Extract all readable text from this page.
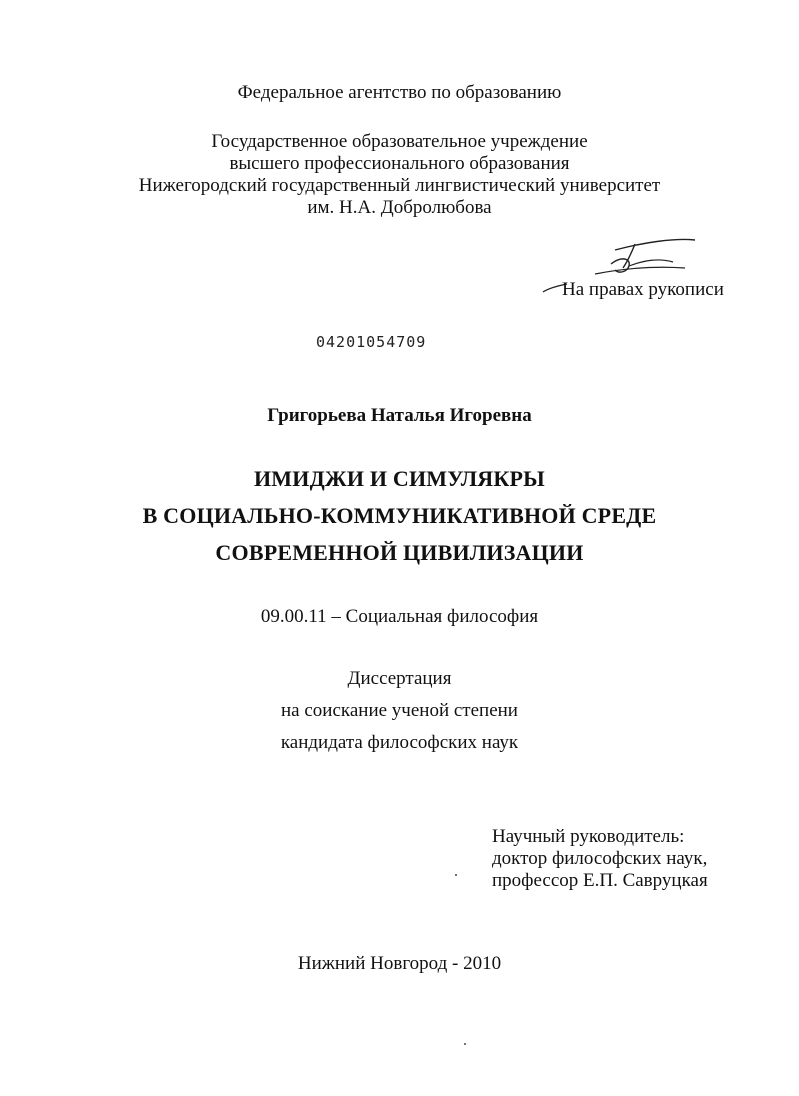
Федеральное агентство по образованию
Государственное образовательное учреждение
высшего профессионального образования
Нижегородский государственный лингвистический университет
им. Н.А. Добролюбова
На правах рукописи
04201054709
Григорьева Наталья Игоревна
ИМИДЖИ И СИМУЛЯКРЫ
В СОЦИАЛЬНО-КОММУНИКАТИВНОЙ СРЕДЕ
СОВРЕМЕННОЙ ЦИВИЛИЗАЦИИ
09.00.11 – Социальная философия
Диссертация
на соискание ученой степени
кандидата философских наук
Научный руководитель:
доктор философских наук,
профессор Е.П. Савруцкая
Нижний Новгород - 2010
